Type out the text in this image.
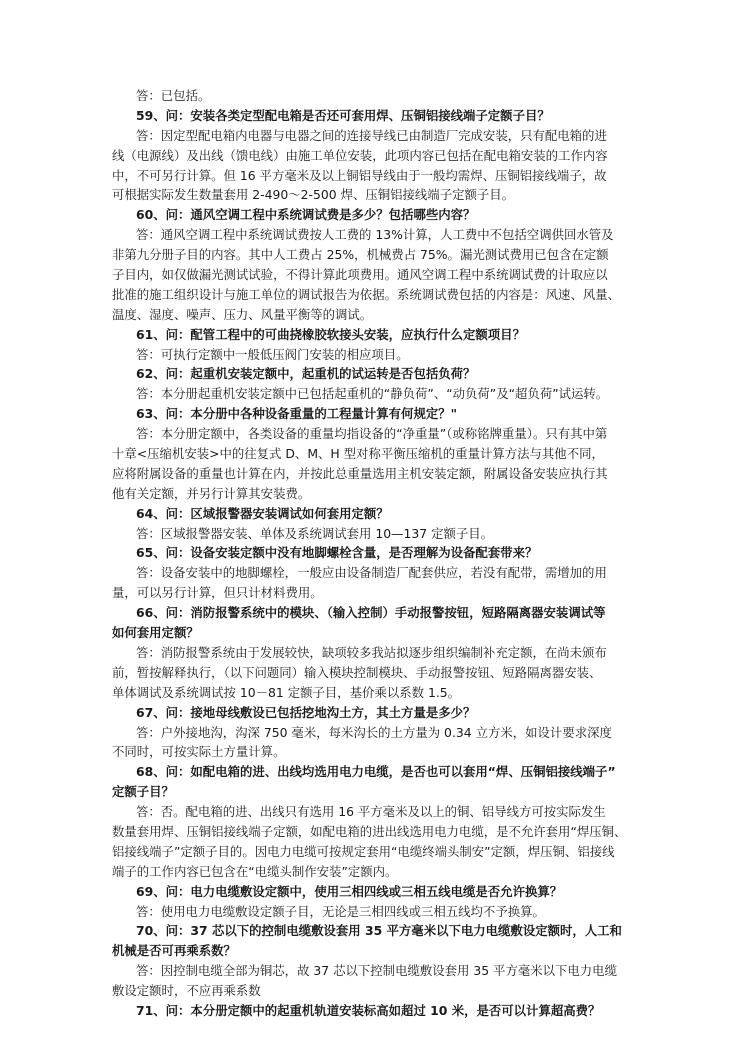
答：已包括。
59、问：安装各类定型配电箱是否还可套用焊、压铜铝接线端子定额子目？
答：因定型配电箱内电器与电器之间的连接导线已由制造厂完成安装，只有配电箱的进
线（电源线）及出线（馈电线）由施工单位安装，此项内容已包括在配电箱安装的工作内容
中，不可另行计算。但 16 平方毫米及以上铜铝导线由于一般均需焊、压铜铝接线端子，故
可根据实际发生数量套用 2-490～2-500 焊、压铜铝接线端子定额子目。
60、问：通风空调工程中系统调试费是多少？包括哪些内容？
答：通风空调工程中系统调试费按人工费的 13%计算，人工费中不包括空调供回水管及
非第九分册子目的内容。其中人工费占 25%，机械费占 75%。漏光测试费用已包含在定额
子目内，如仅做漏光测试试验，不得计算此项费用。通风空调工程中系统调试费的计取应以
批准的施工组织设计与施工单位的调试报告为依据。系统调试费包括的内容是：风速、风量、
温度、湿度、噪声、压力、风量平衡等的调试。
61、问：配管工程中的可曲挠橡胶软接头安装，应执行什么定额项目？
答：可执行定额中一般低压阀门安装的相应项目。
62、问：起重机安装定额中，起重机的试运转是否包括负荷？
答：本分册起重机安装定额中已包括起重机的“静负荷”、“动负荷”及“超负荷”试运转。
63、问：本分册中各种设备重量的工程量计算有何规定？"
答：本分册定额中，各类设备的重量均指设备的“净重量”（或称铭牌重量）。只有其中第
十章<压缩机安装>中的往复式 D、M、H 型对称平衡压缩机的重量计算方法与其他不同，
应将附属设备的重量也计算在内，并按此总重量选用主机安装定额，附属设备安装应执行其
他有关定额，并另行计算其安装费。
64、问：区域报警器安装调试如何套用定额？
答：区域报警器安装、单体及系统调试套用 10—137 定额子目。
65、问：设备安装定额中没有地脚螺栓含量，是否理解为设备配套带来？
答：设备安装中的地脚螺栓，一般应由设备制造厂配套供应，若没有配带，需增加的用
量，可以另行计算，但只计材料费用。
66、问：消防报警系统中的模块、（输入控制）手动报警按钮，短路隔离器安装调试等
如何套用定额？
答：消防报警系统由于发展较快，缺项较多我站拟逐步组织编制补充定额，在尚未颁布
前，暂按解释执行，（以下问题同）输入模块控制模块、手动报警按钮、短路隔离器安装、
单体调试及系统调试按 10－81 定额子目，基价乘以系数 1.5。
67、问：接地母线敷设已包括挖地沟土方，其土方量是多少？
答：户外接地沟，沟深 750 毫米，每米沟长的土方量为 0.34 立方米，如设计要求深度
不同时，可按实际土方量计算。
68、问：如配电箱的进、出线均选用电力电缆，是否也可以套用“焊、压铜铝接线端子”
定额子目？
答：否。配电箱的进、出线只有选用 16 平方毫米及以上的铜、铝导线方可按实际发生
数量套用焊、压铜铝接线端子定额，如配电箱的进出线选用电力电缆，是不允许套用“焊压铜、
铝接线端子”定额子目的。因电力电缆可按规定套用“电缆终端头制安”定额，焊压铜、铝接线
端子的工作内容已包含在“电缆头制作安装”定额内。
69、问：电力电缆敷设定额中，使用三相四线或三相五线电缆是否允许换算？
答：使用电力电缆敷设定额子目，无论是三相四线或三相五线均不予换算。
70、问：37 芯以下的控制电缆敷设套用 35 平方毫米以下电力电缆敷设定额时，人工和
机械是否可再乘系数？
答：因控制电缆全部为铜芯，故 37 芯以下控制电缆敷设套用 35 平方毫米以下电力电缆
敷设定额时，不应再乘系数
71、问：本分册定额中的起重机轨道安装标高如超过 10 米，是否可以计算超高费？
